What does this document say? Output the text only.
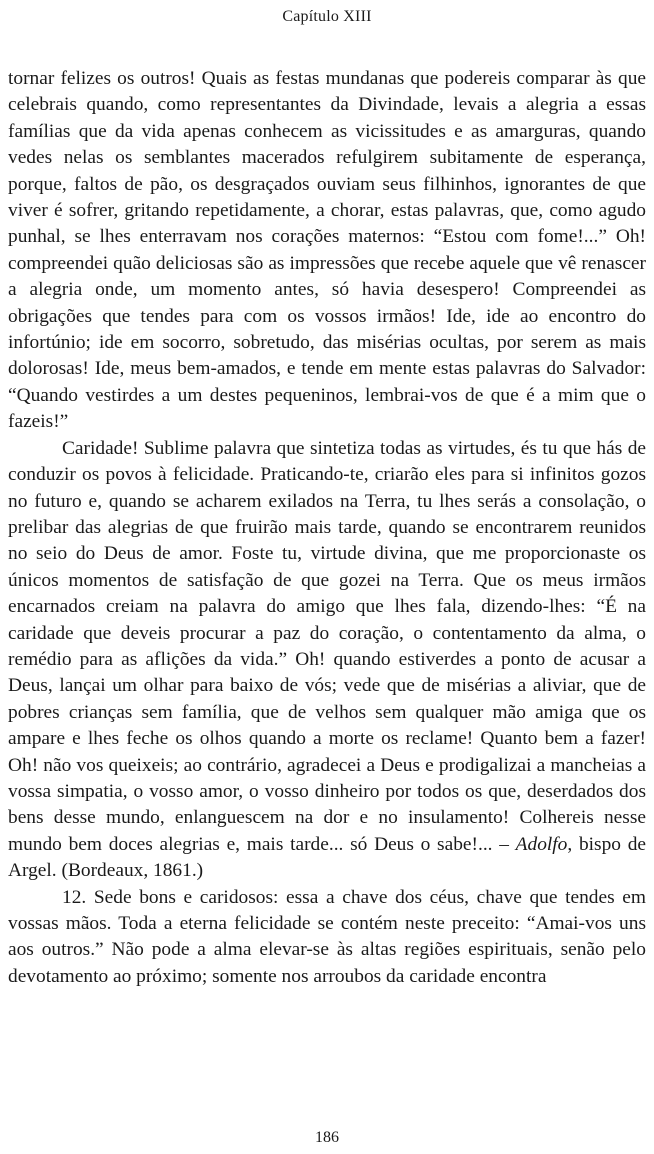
Capítulo XIII

tornar felizes os outros! Quais as festas mundanas que podereis comparar às que celebrais quando, como representantes da Divindade, levais a alegria a essas famílias que da vida apenas conhecem as vicissitudes e as amarguras, quando vedes nelas os semblantes macerados refulgirem subitamente de esperança, porque, faltos de pão, os desgraçados ouviam seus filhinhos, ignorantes de que viver é sofrer, gritando repetidamente, a chorar, estas palavras, que, como agudo punhal, se lhes enterravam nos corações maternos: “Estou com fome!...” Oh! compreendei quão deliciosas são as impressões que recebe aquele que vê renascer a alegria onde, um momento antes, só havia desespero! Compreendei as obrigações que tendes para com os vossos irmãos! Ide, ide ao encontro do infortúnio; ide em socorro, sobretudo, das misérias ocultas, por serem as mais dolorosas! Ide, meus bem-amados, e tende em mente estas palavras do Salvador: “Quando vestirdes a um destes pequeninos, lembrai-vos de que é a mim que o fazeis!”

Caridade! Sublime palavra que sintetiza todas as virtudes, és tu que hás de conduzir os povos à felicidade. Praticando-te, criarão eles para si infinitos gozos no futuro e, quando se acharem exilados na Terra, tu lhes serás a consolação, o prelibar das alegrias de que fruirão mais tarde, quando se encontrarem reunidos no seio do Deus de amor. Foste tu, virtude divina, que me proporcionaste os únicos momentos de satisfação de que gozei na Terra. Que os meus irmãos encarnados creiam na palavra do amigo que lhes fala, dizendo-lhes: “É na caridade que deveis procurar a paz do coração, o contentamento da alma, o remédio para as aflições da vida.” Oh! quando estiverdes a ponto de acusar a Deus, lançai um olhar para baixo de vós; vede que de misérias a aliviar, que de pobres crianças sem família, que de velhos sem qualquer mão amiga que os ampare e lhes feche os olhos quando a morte os reclame! Quanto bem a fazer! Oh! não vos queixeis; ao contrário, agradecei a Deus e prodigalizai a mancheias a vossa simpatia, o vosso amor, o vosso dinheiro por todos os que, deserdados dos bens desse mundo, enlanguescem na dor e no insulamento! Colhereis nesse mundo bem doces alegrias e, mais tarde... só Deus o sabe!... – Adolfo, bispo de Argel. (Bordeaux, 1861.)

12. Sede bons e caridosos: essa a chave dos céus, chave que tendes em vossas mãos. Toda a eterna felicidade se contém neste preceito: “Amai-vos uns aos outros.” Não pode a alma elevar-se às altas regiões espirituais, senão pelo devotamento ao próximo; somente nos arroubos da caridade encontra

186
